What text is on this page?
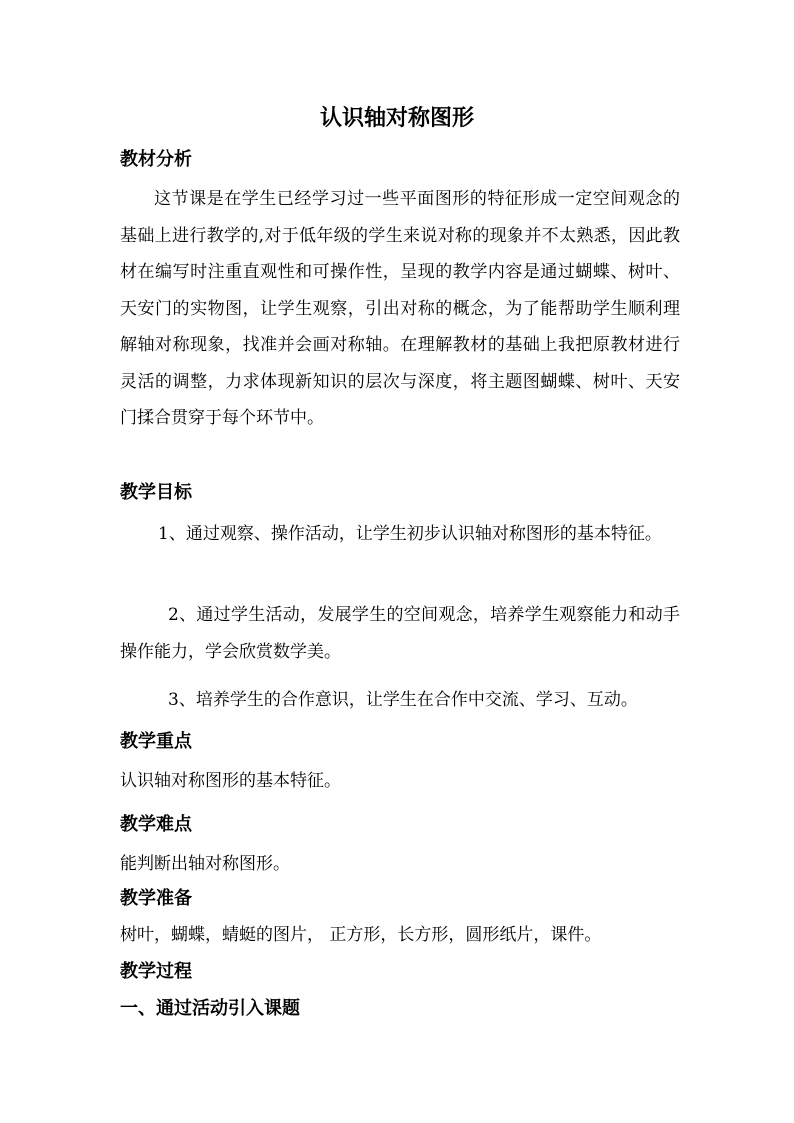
认识轴对称图形
教材分析

这节课是在学生已经学习过一些平面图形的特征形成一定空间观念的基础上进行教学的,对于低年级的学生来说对称的现象并不太熟悉，因此教材在编写时注重直观性和可操作性，呈现的教学内容是通过蝴蝶、树叶、天安门的实物图，让学生观察，引出对称的概念，为了能帮助学生顺利理解轴对称现象，找准并会画对称轴。在理解教材的基础上我把原教材进行灵活的调整，力求体现新知识的层次与深度，将主题图蝴蝶、树叶、天安门揉合贯穿于每个环节中。

教学目标

1、通过观察、操作活动，让学生初步认识轴对称图形的基本特征。

2、通过学生活动，发展学生的空间观念，培养学生观察能力和动手操作能力，学会欣赏数学美。

3、培养学生的合作意识，让学生在合作中交流、学习、互动。

教学重点

认识轴对称图形的基本特征。

教学难点

能判断出轴对称图形。

教学准备

树叶，蝴蝶，蜻蜓的图片， 正方形，长方形，圆形纸片，课件。

教学过程
一、通过活动引入课题
